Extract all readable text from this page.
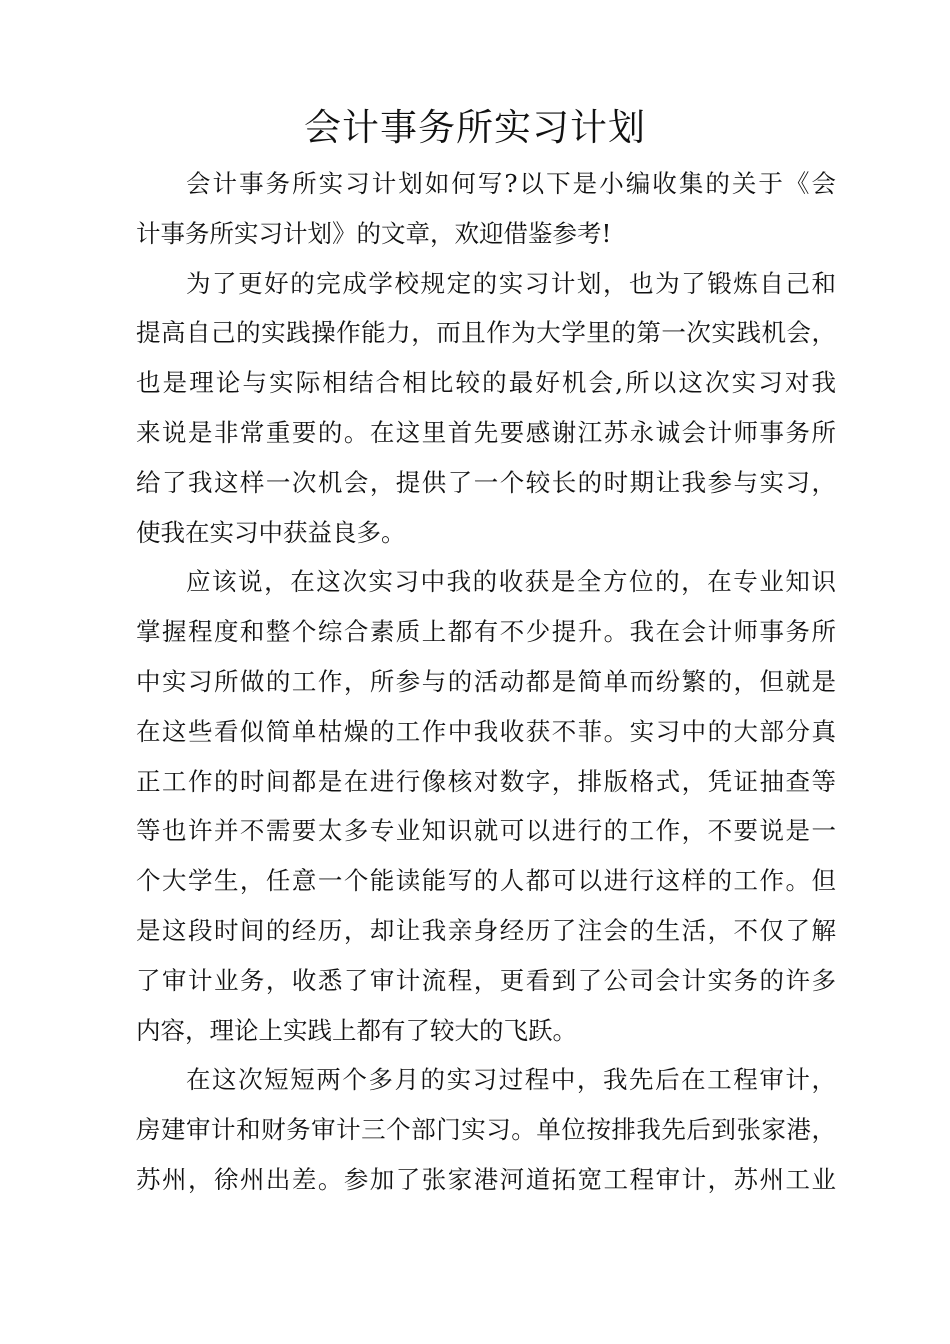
会计事务所实习计划
会计事务所实习计划如何写?以下是小编收集的关于《会
计事务所实习计划》的文章，欢迎借鉴参考!
为了更好的完成学校规定的实习计划，也为了锻炼自己和
提高自己的实践操作能力，而且作为大学里的第一次实践机会，
也是理论与实际相结合相比较的最好机会,所以这次实习对我
来说是非常重要的。在这里首先要感谢江苏永诚会计师事务所
给了我这样一次机会，提供了一个较长的时期让我参与实习，
使我在实习中获益良多。
应该说，在这次实习中我的收获是全方位的，在专业知识
掌握程度和整个综合素质上都有不少提升。我在会计师事务所
中实习所做的工作，所参与的活动都是简单而纷繁的，但就是
在这些看似简单枯燥的工作中我收获不菲。实习中的大部分真
正工作的时间都是在进行像核对数字，排版格式，凭证抽查等
等也许并不需要太多专业知识就可以进行的工作，不要说是一
个大学生，任意一个能读能写的人都可以进行这样的工作。但
是这段时间的经历，却让我亲身经历了注会的生活，不仅了解
了审计业务，收悉了审计流程，更看到了公司会计实务的许多
内容，理论上实践上都有了较大的飞跃。
在这次短短两个多月的实习过程中，我先后在工程审计，
房建审计和财务审计三个部门实习。单位按排我先后到张家港，
苏州，徐州出差。参加了张家港河道拓宽工程审计，苏州工业
